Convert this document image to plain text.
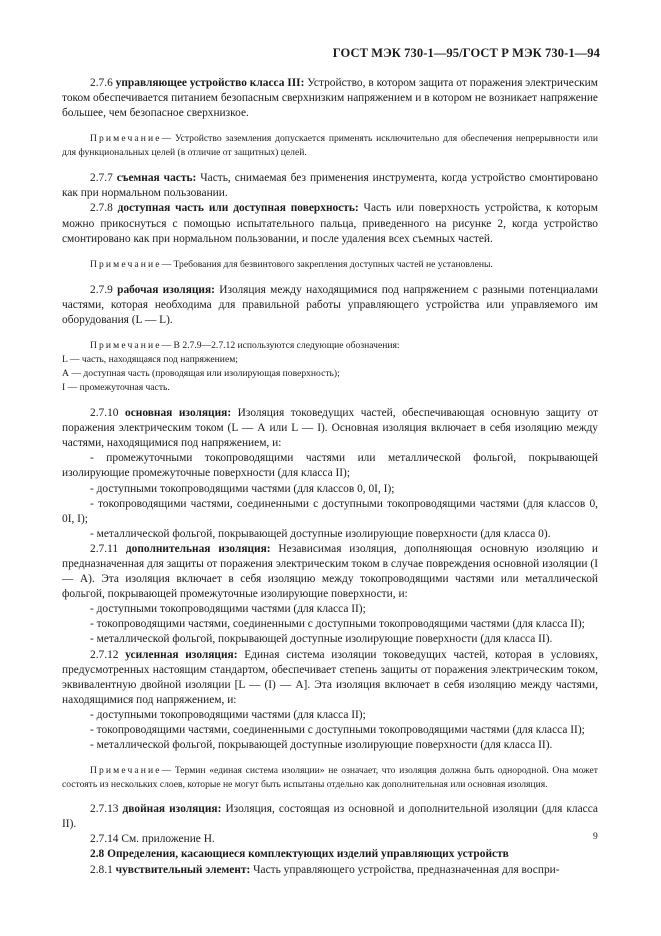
ГОСТ МЭК 730-1—95/ГОСТ Р МЭК 730-1—94

2.7.6 управляющее устройство класса III: Устройство, в котором защита от поражения электрическим током обеспечивается питанием безопасным сверхнизким напряжением и в котором не возникает напряжение большее, чем безопасное сверхнизкое.

Примечание— Устройство заземления допускается применять исключительно для обеспечения непрерывности или для функциональных целей (в отличие от защитных) целей.

2.7.7 съемная часть: Часть, снимаемая без применения инструмента, когда устройство смонтировано как при нормальном пользовании.

2.7.8 доступная часть или доступная поверхность: Часть или поверхность устройства, к которым можно прикоснуться с помощью испытательного пальца, приведенного на рисунке 2, когда устройство смонтировано как при нормальном пользовании, и после удаления всех съемных частей.

Примечание— Требования для безвинтового закрепления доступных частей не установлены.

2.7.9 рабочая изоляция: Изоляция между находящимися под напряжением с разными потенциалами частями, которая необходима для правильной работы управляющего устройства или управляемого им оборудования (L — L).

Примечание— В 2.7.9—2.7.12 используются следующие обозначения:

L — часть, находящаяся под напряжением;

А — доступная часть (проводящая или изолирующая поверхность);

I — промежуточная часть.

2.7.10 основная изоляция: Изоляция токоведущих частей, обеспечивающая основную защиту от поражения электрическим током (L — А или L — I). Основная изоляция включает в себя изоляцию между частями, находящимися под напряжением, и:

- промежуточными токопроводящими частями или металлической фольгой, покрывающей изолирующие промежуточные поверхности (для класса II);

- доступными токопроводящими частями (для классов 0, 0I, I);

- токопроводящими частями, соединенными с доступными токопроводящими частями (для классов 0, 0I, I);

- металлической фольгой, покрывающей доступные изолирующие поверхности (для класса 0).

2.7.11 дополнительная изоляция: Независимая изоляция, дополняющая основную изоляцию и предназначенная для защиты от поражения электрическим током в случае повреждения основной изоляции (I — А). Эта изоляция включает в себя изоляцию между токопроводящими частями или металлической фольгой, покрывающей промежуточные изолирующие поверхности, и:

- доступными токопроводящими частями (для класса II);

- токопроводящими частями, соединенными с доступными токопроводящими частями (для класса II);

- металлической фольгой, покрывающей доступные изолирующие поверхности (для класса II).

2.7.12 усиленная изоляция: Единая система изоляции токоведущих частей, которая в условиях, предусмотренных настоящим стандартом, обеспечивает степень защиты от поражения электрическим током, эквивалентную двойной изоляции [L — (I) — А]. Эта изоляция включает в себя изоляцию между частями, находящимися под напряжением, и:

- доступными токопроводящими частями (для класса II);

- токопроводящими частями, соединенными с доступными токопроводящими частями (для класса II);

- металлической фольгой, покрывающей доступные изолирующие поверхности (для класса II).

Примечание— Термин «единая система изоляции» не означает, что изоляция должна быть однородной. Она может состоять из нескольких слоев, которые не могут быть испытаны отдельно как дополнительная или основная изоляция.

2.7.13 двойная изоляция: Изоляция, состоящая из основной и дополнительной изоляции (для класса II).

2.7.14 См. приложение Н.

2.8 Определения, касающиеся комплектующих изделий управляющих устройств

2.8.1 чувствительный элемент: Часть управляющего устройства, предназначенная для воспри-

9
